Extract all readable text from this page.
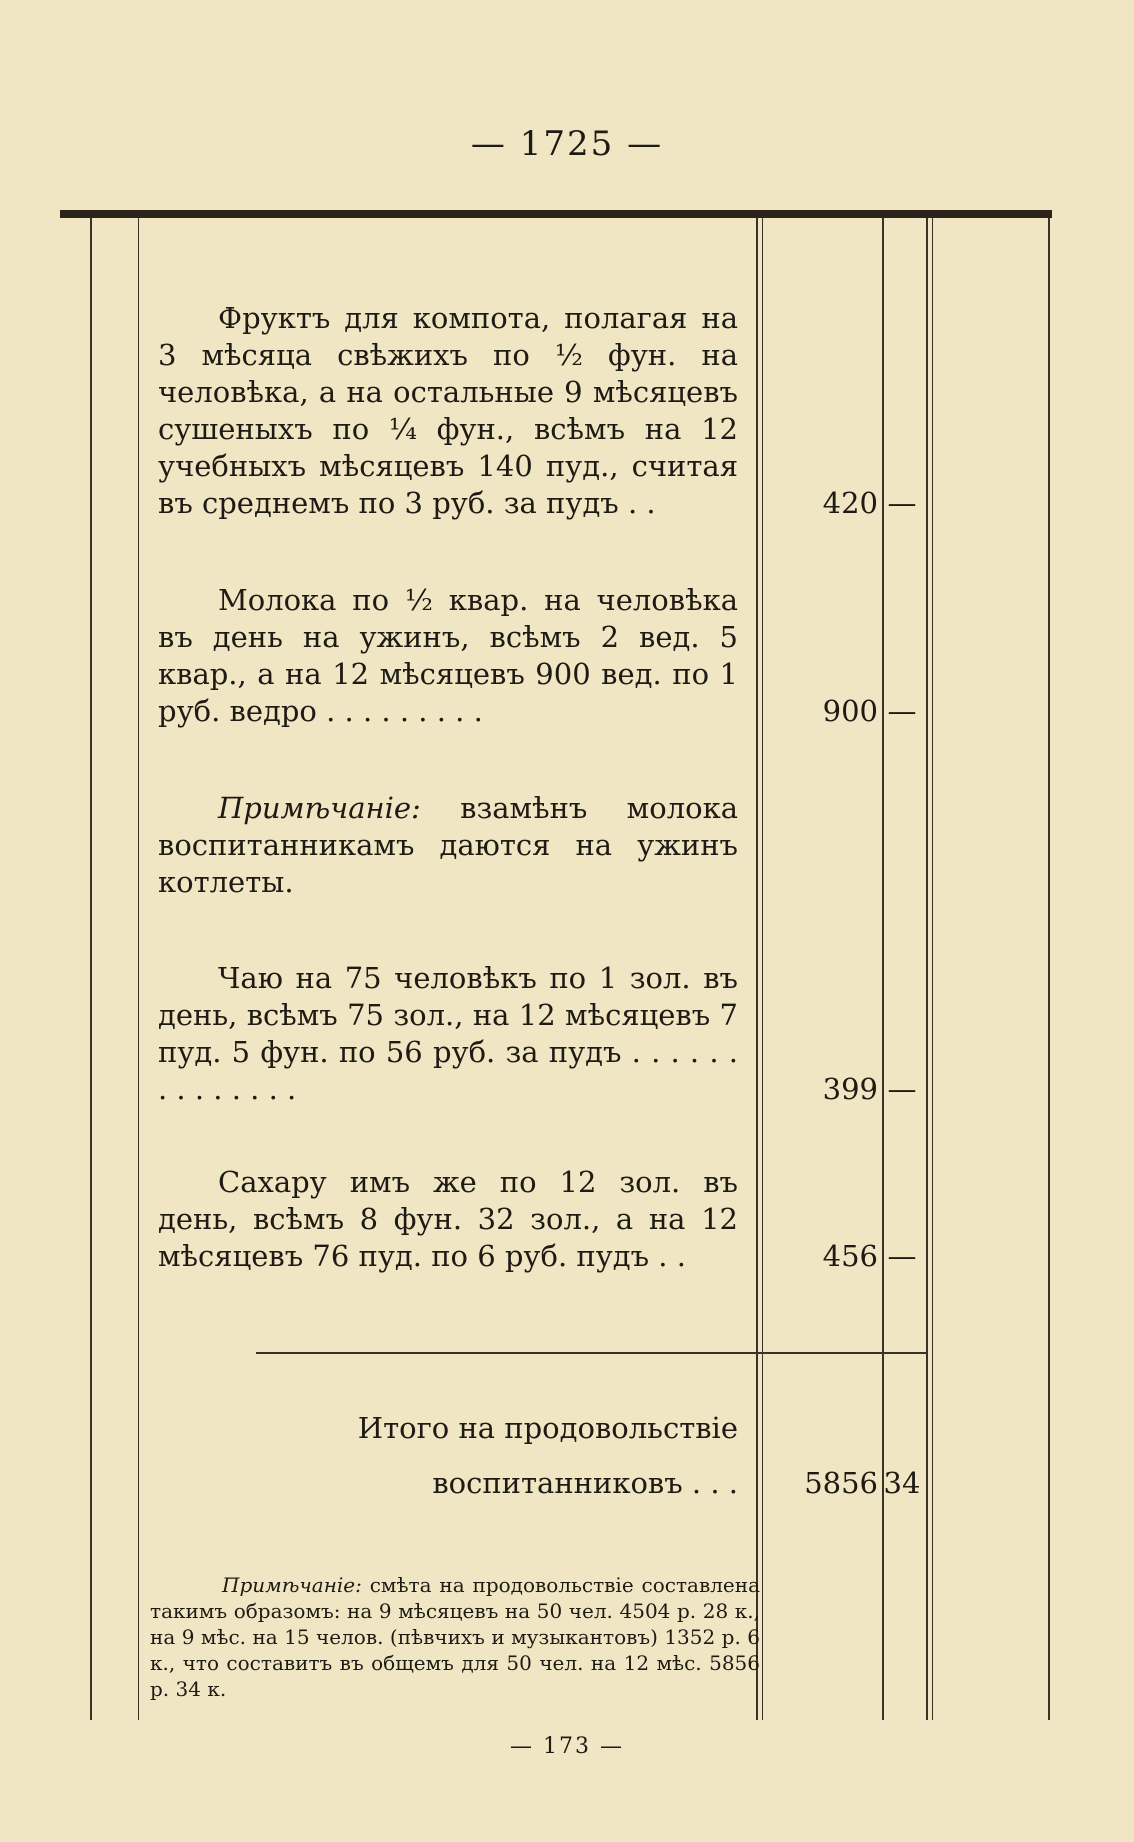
— 1725 —
Фруктъ для компота, полагая на 3 мѣсяца свѣжихъ по ½ фун. на человѣка, а на остальные 9 мѣсяцевъ сушеныхъ по ¼ фун., всѣмъ на 12 учебныхъ мѣсяцевъ 140 пуд., считая въ среднемъ по 3 руб. за пудъ . .	420 —
Молока по ½ квар. на человѣка въ день на ужинъ, всѣмъ 2 вед. 5 квар., а на 12 мѣсяцевъ 900 вед. по 1 руб. ведро . . . . . . . . .	900 —
Примѣчаніе: взамѣнъ молока воспитанникамъ даются на ужинъ котлеты.
Чаю на 75 человѣкъ по 1 зол. въ день, всѣмъ 75 зол., на 12 мѣсяцевъ 7 пуд. 5 фун. по 56 руб. за пудъ . . . . . . . . . . . . . .	399 —
Сахару имъ же по 12 зол. въ день, всѣмъ 8 фун. 32 зол., а на 12 мѣсяцевъ 76 пуд. по 6 руб. пудъ . .	456 —
Итого на продовольствіе
воспитанниковъ . . .	5856 34
Примѣчаніе: смѣта на продовольствіе составлена такимъ образомъ: на 9 мѣсяцевъ на 50 чел. 4504 р. 28 к., на 9 мѣс. на 15 челов. (пѣвчихъ и музыкантовъ) 1352 р. 6 к., что составитъ въ общемъ для 50 чел. на 12 мѣс. 5856 р. 34 к.
— 173 —
